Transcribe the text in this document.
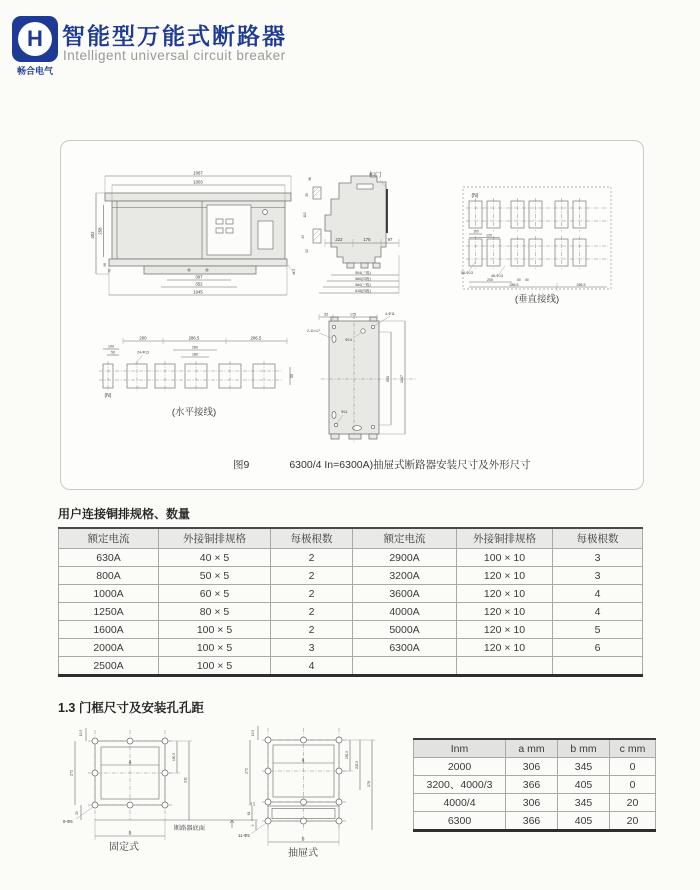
H
畅合电气
智能型万能式断路器
Intelligent universal circuit breaker
1067
1003
452
258
98
70
307
352
1045
44.5
柜门
222	175	97
36
30
112
43
92
504(三极)
580(四极)
560(三极)
616(四极)
(N)
100
120
56-Φ13
48-Φ13
200	60 60
286.5	286.5
(垂直接线)
200	286.5	286.5
100
50	24-Φ13
260
180
50
(N)
(水平接线)
33	175	4-Φ11
2-11×17
Φ14
933	1037
Φ11
图9	6300/4 In=6300A)抽屉式断路器安装尺寸及外形尺寸
用户连接铜排规格、数量
额定电流	外接铜排规格	每极根数	额定电流	外接铜排规格	每极根数
630A	40 × 5	2	2900A	100 × 10	3
800A	50 × 5	2	3200A	120 × 10	3
1000A	60 × 5	2	3600A	120 × 10	4
1250A	80 × 5	2	4000A	120 × 10	4
1600A	100 × 5	2	5000A	120 × 10	5
2000A	100 × 5	3	6300A	120 × 10	6
2500A	100 × 5	4			
1.3 门框尺寸及安装孔孔距
19.5
272
a
150.5
311
29
8-Φ5
b
断路器底面
固定式
19.5
272
a
150.5
202.5
378
26
61
9
11-Φ5
b
抽屉式
Inm	a mm	b mm	c mm
2000	306	345	0
3200、4000/3	366	405	0
4000/4	306	345	20
6300	366	405	20
